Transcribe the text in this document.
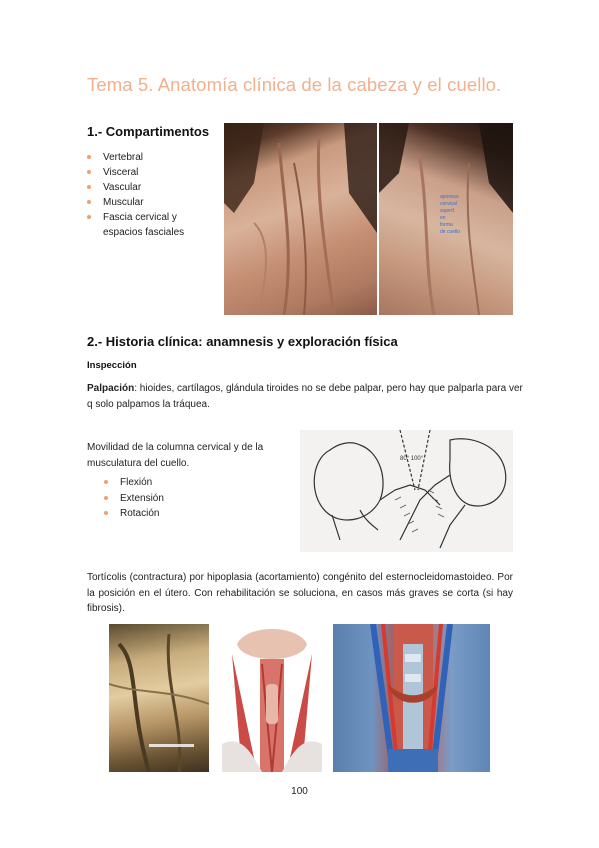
Tema 5. Anatomía clínica de la cabeza y el cuello.
1.- Compartimentos
Vertebral
Visceral
Vascular
Muscular
Fascia cervical y espacios fasciales
aponeur.
cervical
superf.
en
forma
de cuello
2.- Historia clínica: anamnesis y exploración física
Inspección

Palpación: hioides, cartílagos, glándula tiroides no se debe palpar, pero hay que palparla para ver q solo palpamos la tráquea.

Movilidad de la columna cervical y de la musculatura del cuello.

Flexión
Extensión
Rotación
80° 100°

Tortícolis (contractura) por hipoplasia (acortamiento) congénito del esternocleidomastoideo. Por la posición en el útero. Con rehabilitación se soluciona, en casos más graves se corta (si hay fibrosis).

100
